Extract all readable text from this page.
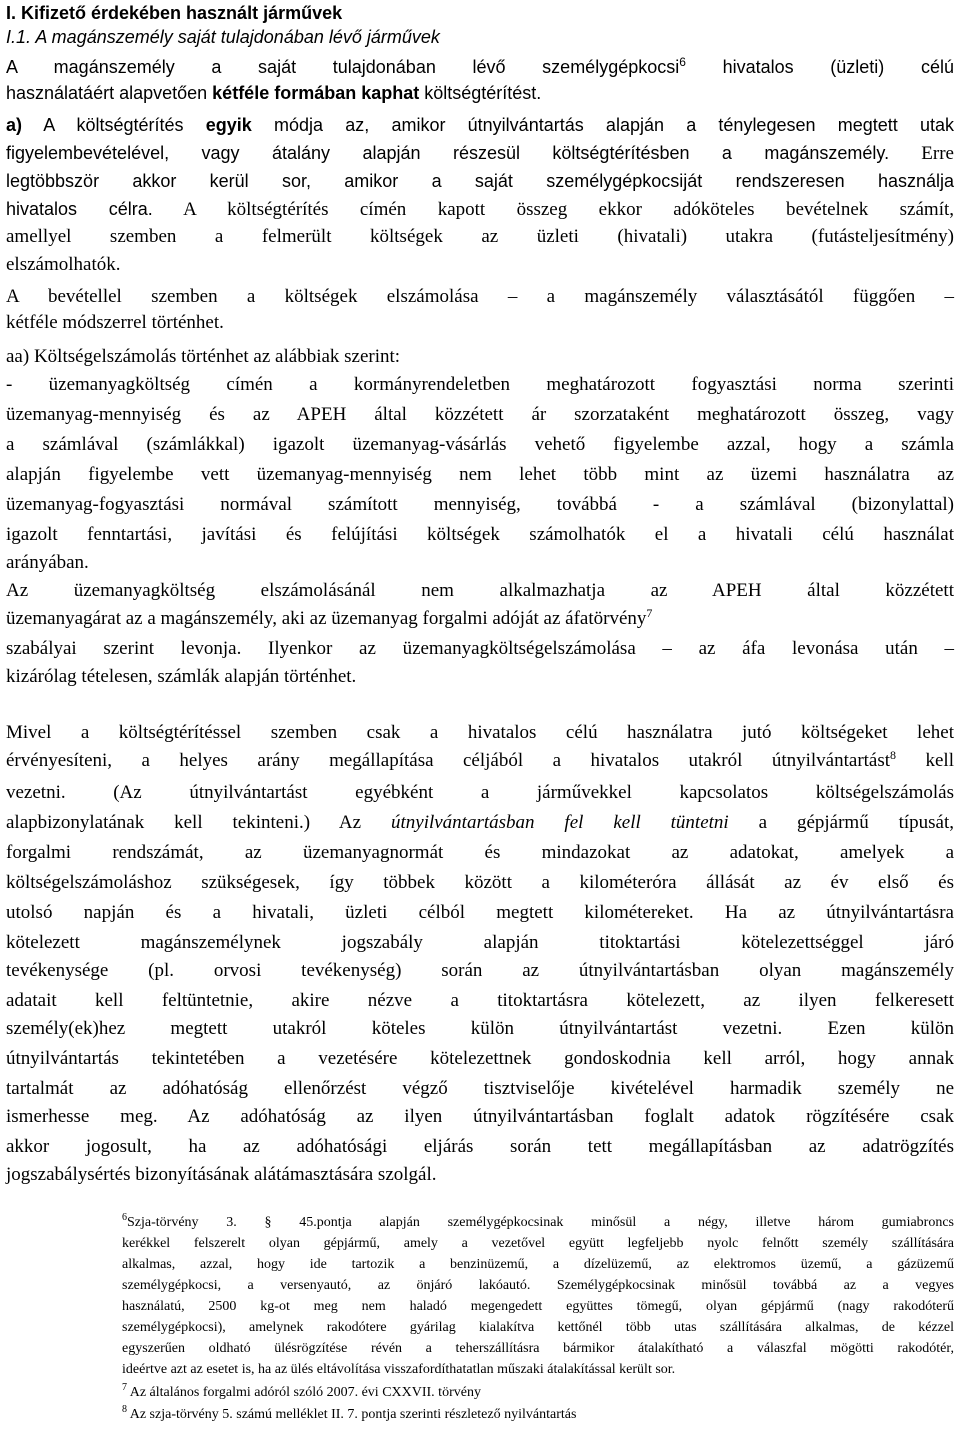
I. Kifizető érdekében használt járművek
I.1. A magánszemély saját tulajdonában lévő járművek
A magánszemély a saját tulajdonában lévő személygépkocsi$^6$ hivatalos (üzleti) célú
használatáért alapvetően kétféle formában kaphat költségtérítést.
a) A költségtérítés egyik módja az, amikor útnyilvántartás alapján a ténylegesen megtett utak
figyelembevételével, vagy átalány alapján részesül költségtérítésben a magánszemély. Erre
legtöbbször akkor kerül sor, amikor a saját személygépkocsiját rendszeresen használja
hivatalos célra. A költségtérítés címén kapott összeg ekkor adóköteles bevételnek számít,
amellyel szemben a felmerült költségek az üzleti (hivatali) utakra (futásteljesítmény)
elszámolhatók.
A bevétellel szemben a költségek elszámolása – a magánszemély választásától függően –
kétféle módszerrel történhet.
aa) Költségelszámolás történhet az alábbiak szerint:
- üzemanyagköltség címén a kormányrendeletben meghatározott fogyasztási norma szerinti
üzemanyag-mennyiség és az APEH által közzétett ár szorzataként meghatározott összeg, vagy
a számlával (számlákkal) igazolt üzemanyag-vásárlás vehető figyelembe azzal, hogy a számla
alapján figyelembe vett üzemanyag-mennyiség nem lehet több mint az üzemi használatra az
üzemanyag-fogyasztási normával számított mennyiség, továbbá - a számlával (bizonylattal)
igazolt fenntartási, javítási és felújítási költségek számolhatók el a hivatali célú használat
arányában.
Az üzemanyagköltség elszámolásánál nem alkalmazhatja az APEH által közzétett
üzemanyagárat az a magánszemély, aki az üzemanyag forgalmi adóját az áfatörvény$^7$
szabályai szerint levonja. Ilyenkor az üzemanyagköltségelszámolása – az áfa levonása után –
kizárólag tételesen, számlák alapján történhet.
Mivel a költségtérítéssel szemben csak a hivatalos célú használatra jutó költségeket lehet
érvényesíteni, a helyes arány megállapítása céljából a hivatalos utakról útnyilvántartást$^8$ kell
vezetni. (Az útnyilvántartást egyébként a járművekkel kapcsolatos költségelszámolás
alapbizonylatának kell tekinteni.) Az útnyilvántartásban fel kell tüntetni a gépjármű típusát,
forgalmi rendszámát, az üzemanyagnormát és mindazokat az adatokat, amelyek a
költségelszámoláshoz szükségesek, így többek között a kilométeróra állását az év első és
utolsó napján és a hivatali, üzleti célból megtett kilométereket. Ha az útnyilvántartásra
kötelezett magánszemélynek jogszabály alapján titoktartási kötelezettséggel járó
tevékenysége (pl. orvosi tevékenység) során az útnyilvántartásban olyan magánszemély
adatait kell feltüntetnie, akire nézve a titoktartásra kötelezett, az ilyen felkeresett
személy(ek)hez megtett utakról köteles külön útnyilvántartást vezetni. Ezen külön
útnyilvántartás tekintetében a vezetésére kötelezettnek gondoskodnia kell arról, hogy annak
tartalmát az adóhatóság ellenőrzést végző tisztviselője kivételével harmadik személy ne
ismerhesse meg. Az adóhatóság az ilyen útnyilvántartásban foglalt adatok rögzítésére csak
akkor jogosult, ha az adóhatósági eljárás során tett megállapításban az adatrögzítés
jogszabálysértés bizonyításának alátámasztására szolgál.
$^6$Szja-törvény 3. § 45.pontja alapján személygépkocsinak minősül a négy, illetve három gumiabroncs
kerékkel felszerelt olyan gépjármű, amely a vezetővel együtt legfeljebb nyolc felnőtt személy szállítására
alkalmas, azzal, hogy ide tartozik a benzinüzemű, a dízelüzemű, az elektromos üzemű, a gázüzemű
személygépkocsi, a versenyautó, az önjáró lakóautó. Személygépkocsinak minősül továbbá az a vegyes
használatú, 2500 kg-ot meg nem haladó megengedett együttes tömegű, olyan gépjármű (nagy rakodóterű
személygépkocsi), amelynek rakodótere gyárilag kialakítva kettőnél több utas szállítására alkalmas, de kézzel
egyszerűen oldható ülésrögzítése révén a teherszállításra bármikor átalakítható a válaszfal mögötti rakodótér,
ideértve azt az esetet is, ha az ülés eltávolítása visszafordíthatatlan műszaki átalakítással került sor.
$^7$ Az általános forgalmi adóról szóló 2007. évi CXXVII. törvény
$^8$ Az szja-törvény 5. számú melléklet II. 7. pontja szerinti részletező nyilvántartás
